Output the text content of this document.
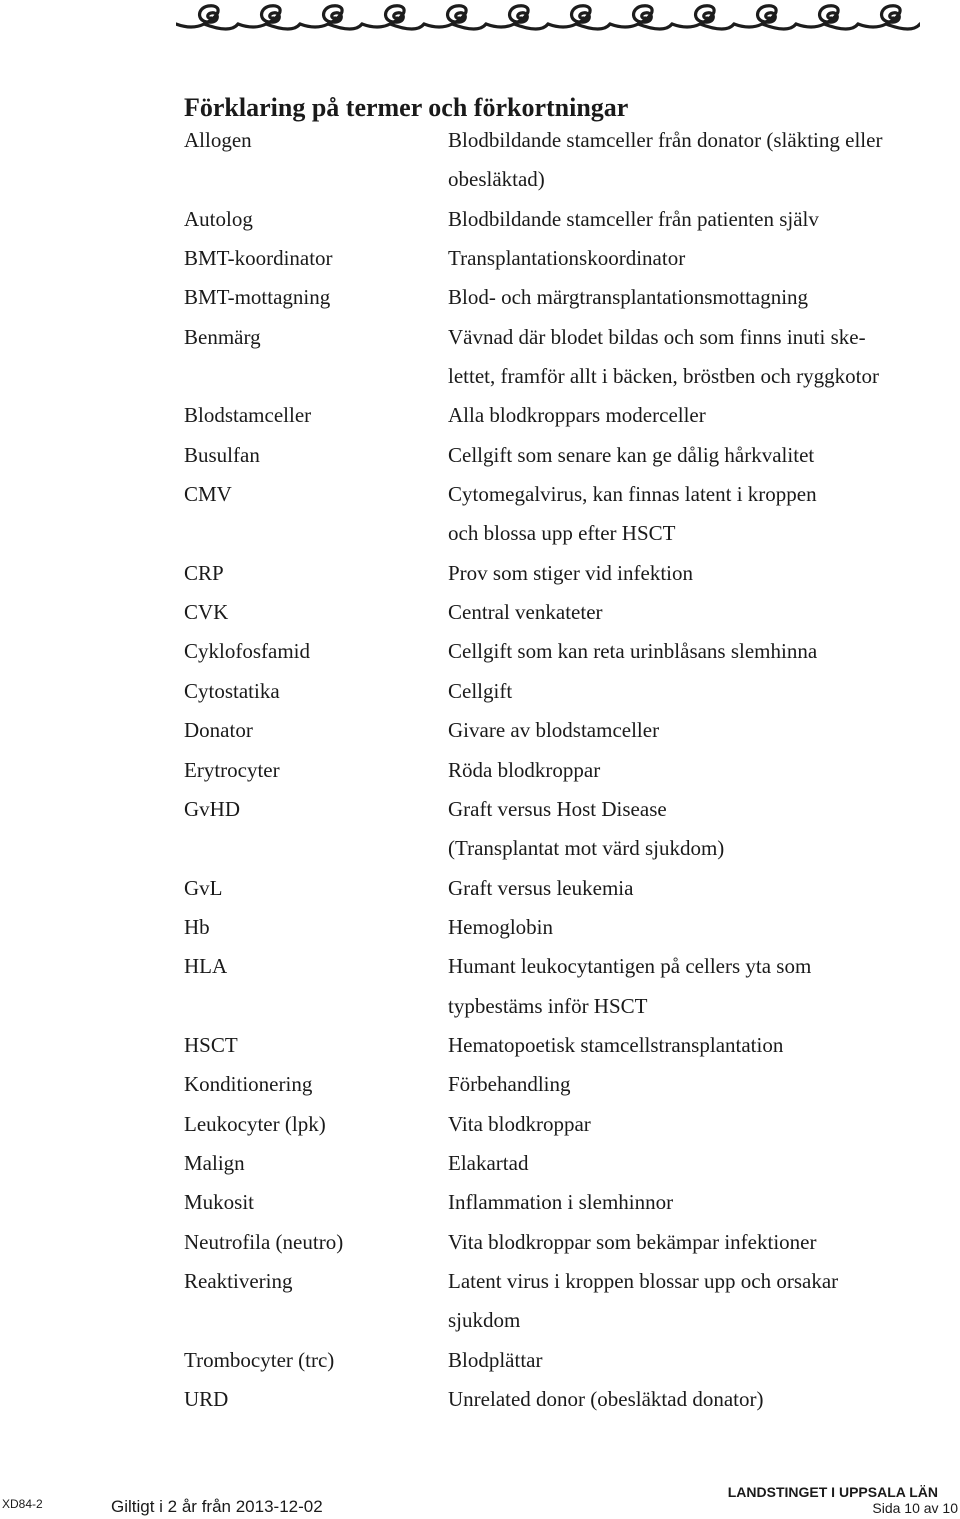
Förklaring på termer och förkortningar
Allogen	Blodbildande stamceller från donator (släkting eller
obesläktad)
Autolog	Blodbildande stamceller från patienten själv
BMT-koordinator	Transplantationskoordinator
BMT-mottagning	Blod- och märgtransplantationsmottagning
Benmärg	Vävnad där blodet bildas och som finns inuti ske-
lettet, framför allt i bäcken, bröstben och ryggkotor
Blodstamceller	Alla blodkroppars moderceller
Busulfan	Cellgift som senare kan ge dålig hårkvalitet
CMV	Cytomegalvirus, kan finnas latent i kroppen
och blossa upp efter HSCT
CRP	Prov som stiger vid infektion
CVK	Central venkateter
Cyklofosfamid	Cellgift som kan reta urinblåsans slemhinna
Cytostatika	Cellgift
Donator	Givare av blodstamceller
Erytrocyter	Röda blodkroppar
GvHD	Graft versus Host Disease
(Transplantat mot värd sjukdom)
GvL	Graft versus leukemia
Hb	Hemoglobin
HLA	Humant leukocytantigen på cellers yta som
typbestäms inför HSCT
HSCT	Hematopoetisk stamcellstransplantation
Konditionering	Förbehandling
Leukocyter (lpk)	Vita blodkroppar
Malign	Elakartad
Mukosit	Inflammation i slemhinnor
Neutrofila (neutro)	Vita blodkroppar som bekämpar infektioner
Reaktivering	Latent virus i kroppen blossar upp och orsakar
sjukdom
Trombocyter (trc)	Blodplättar
URD	Unrelated donor (obesläktad donator)
XD84-2	Giltigt i 2 år från 2013-12-02
LANDSTINGET I UPPSALA LÄN
Sida 10 av 10
